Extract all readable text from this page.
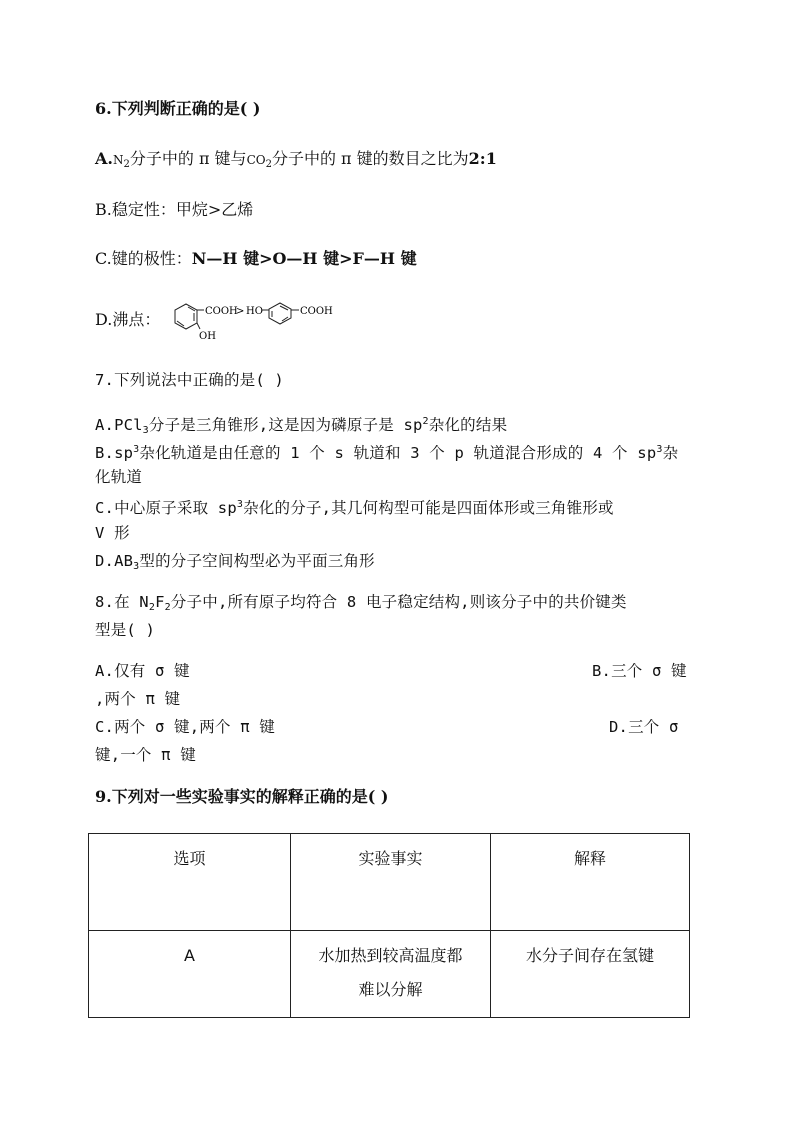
6.下列判断正确的是( )
$A.N_2$分子中的 π 键与$CO_2$分子中的 π 键的数目之比为2:1
B.稳定性：甲烷>乙烯
C.键的极性：N—H 键>O—H 键>F—H 键
D.沸点：	COOH
OH
> HO	COOH
7.下列说法中正确的是( )
A.PCl$_3$分子是三角锥形,这是因为磷原子是 $sp^2$杂化的结果
$B.sp^3$杂化轨道是由任意的 1 个 s 轨道和 3 个 p 轨道混合形成的 4 个 $sp^3$杂
化轨道
C.中心原子采取 $sp^3$杂化的分子,其几何构型可能是四面体形或三角锥形或
V 形
$D.AB_3$型的分子空间构型必为平面三角形
8.在 $N_2F_2$分子中,所有原子均符合 8 电子稳定结构,则该分子中的共价键类
型是( )
A.仅有 σ 键	B.三个 σ 键
,两个 π 键
C.两个 σ 键,两个 π 键	D.三个 σ
键,一个 π 键
9.下列对一些实验事实的解释正确的是( )
选项	实验事实	解释
A	水加热到较高温度都
难以分解	水分子间存在氢键
